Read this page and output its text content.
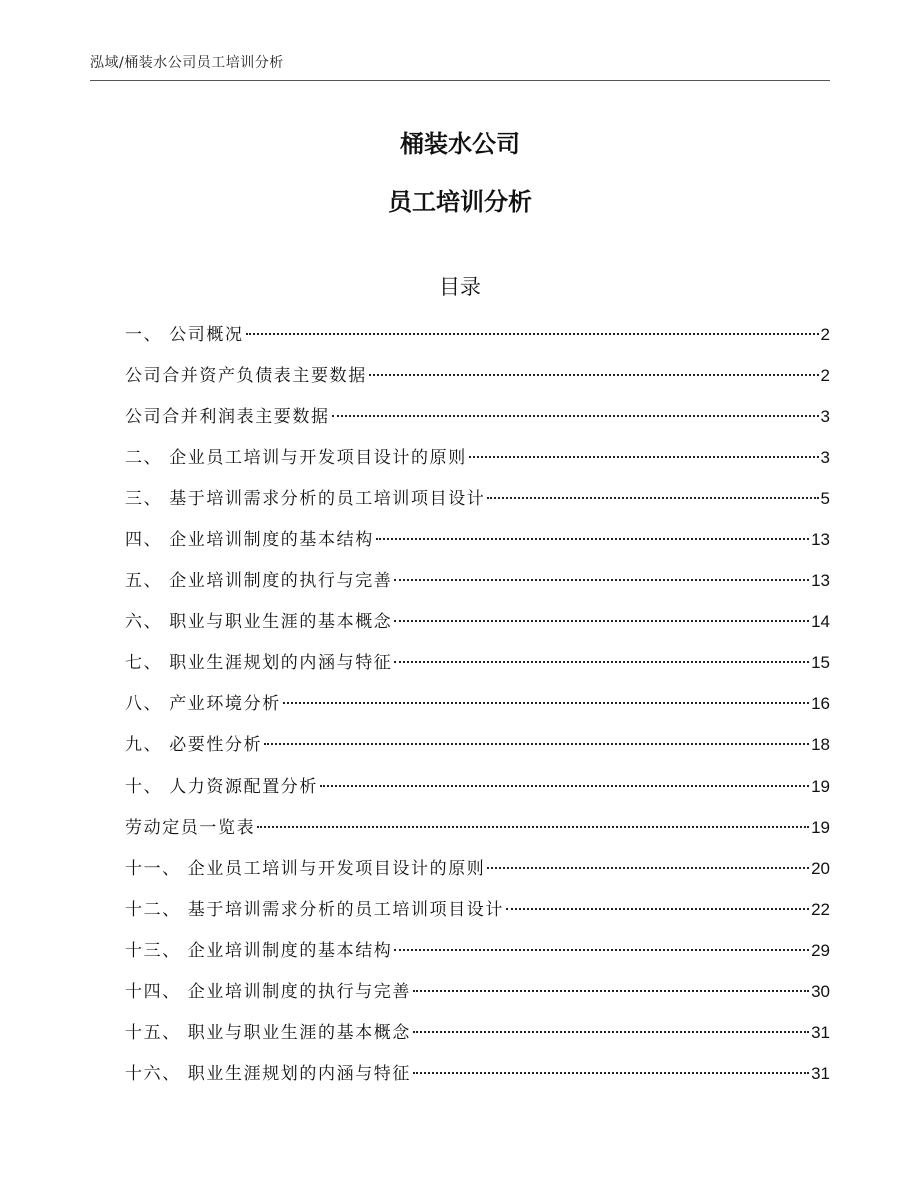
泓域/桶装水公司员工培训分析
桶装水公司
员工培训分析
目录
一、 公司概况	2
公司合并资产负债表主要数据	2
公司合并利润表主要数据	3
二、 企业员工培训与开发项目设计的原则	3
三、 基于培训需求分析的员工培训项目设计	5
四、 企业培训制度的基本结构	13
五、 企业培训制度的执行与完善	13
六、 职业与职业生涯的基本概念	14
七、 职业生涯规划的内涵与特征	15
八、 产业环境分析	16
九、 必要性分析	18
十、 人力资源配置分析	19
劳动定员一览表	19
十一、 企业员工培训与开发项目设计的原则	20
十二、 基于培训需求分析的员工培训项目设计	22
十三、 企业培训制度的基本结构	29
十四、 企业培训制度的执行与完善	30
十五、 职业与职业生涯的基本概念	31
十六、 职业生涯规划的内涵与特征	31
